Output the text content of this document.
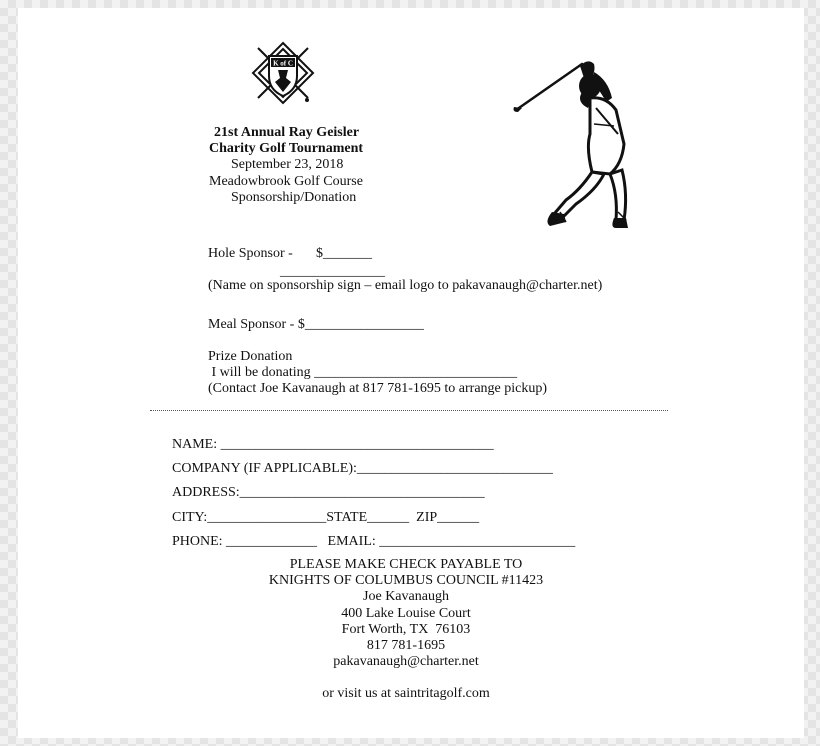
K of C
21st Annual Ray Geisler
Charity Golf Tournament
September 23, 2018
Meadowbrook Golf Course
Sponsorship/Donation
Hole Sponsor - $_______
_______________
(Name on sponsorship sign – email logo to pakavanaugh@charter.net)
Meal Sponsor - $_________________
Prize Donation
I will be donating _____________________________
(Contact Joe Kavanaugh at 817 781-1695 to arrange pickup)
NAME: _______________________________________
COMPANY (IF APPLICABLE):____________________________
ADDRESS:___________________________________
CITY:_________________STATE______  ZIP______
PHONE: _____________   EMAIL: ____________________________
PLEASE MAKE CHECK PAYABLE TO
KNIGHTS OF COLUMBUS COUNCIL #11423
Joe Kavanaugh
400 Lake Louise Court
Fort Worth, TX  76103
817 781-1695
pakavanaugh@charter.net
or visit us at saintritagolf.com
